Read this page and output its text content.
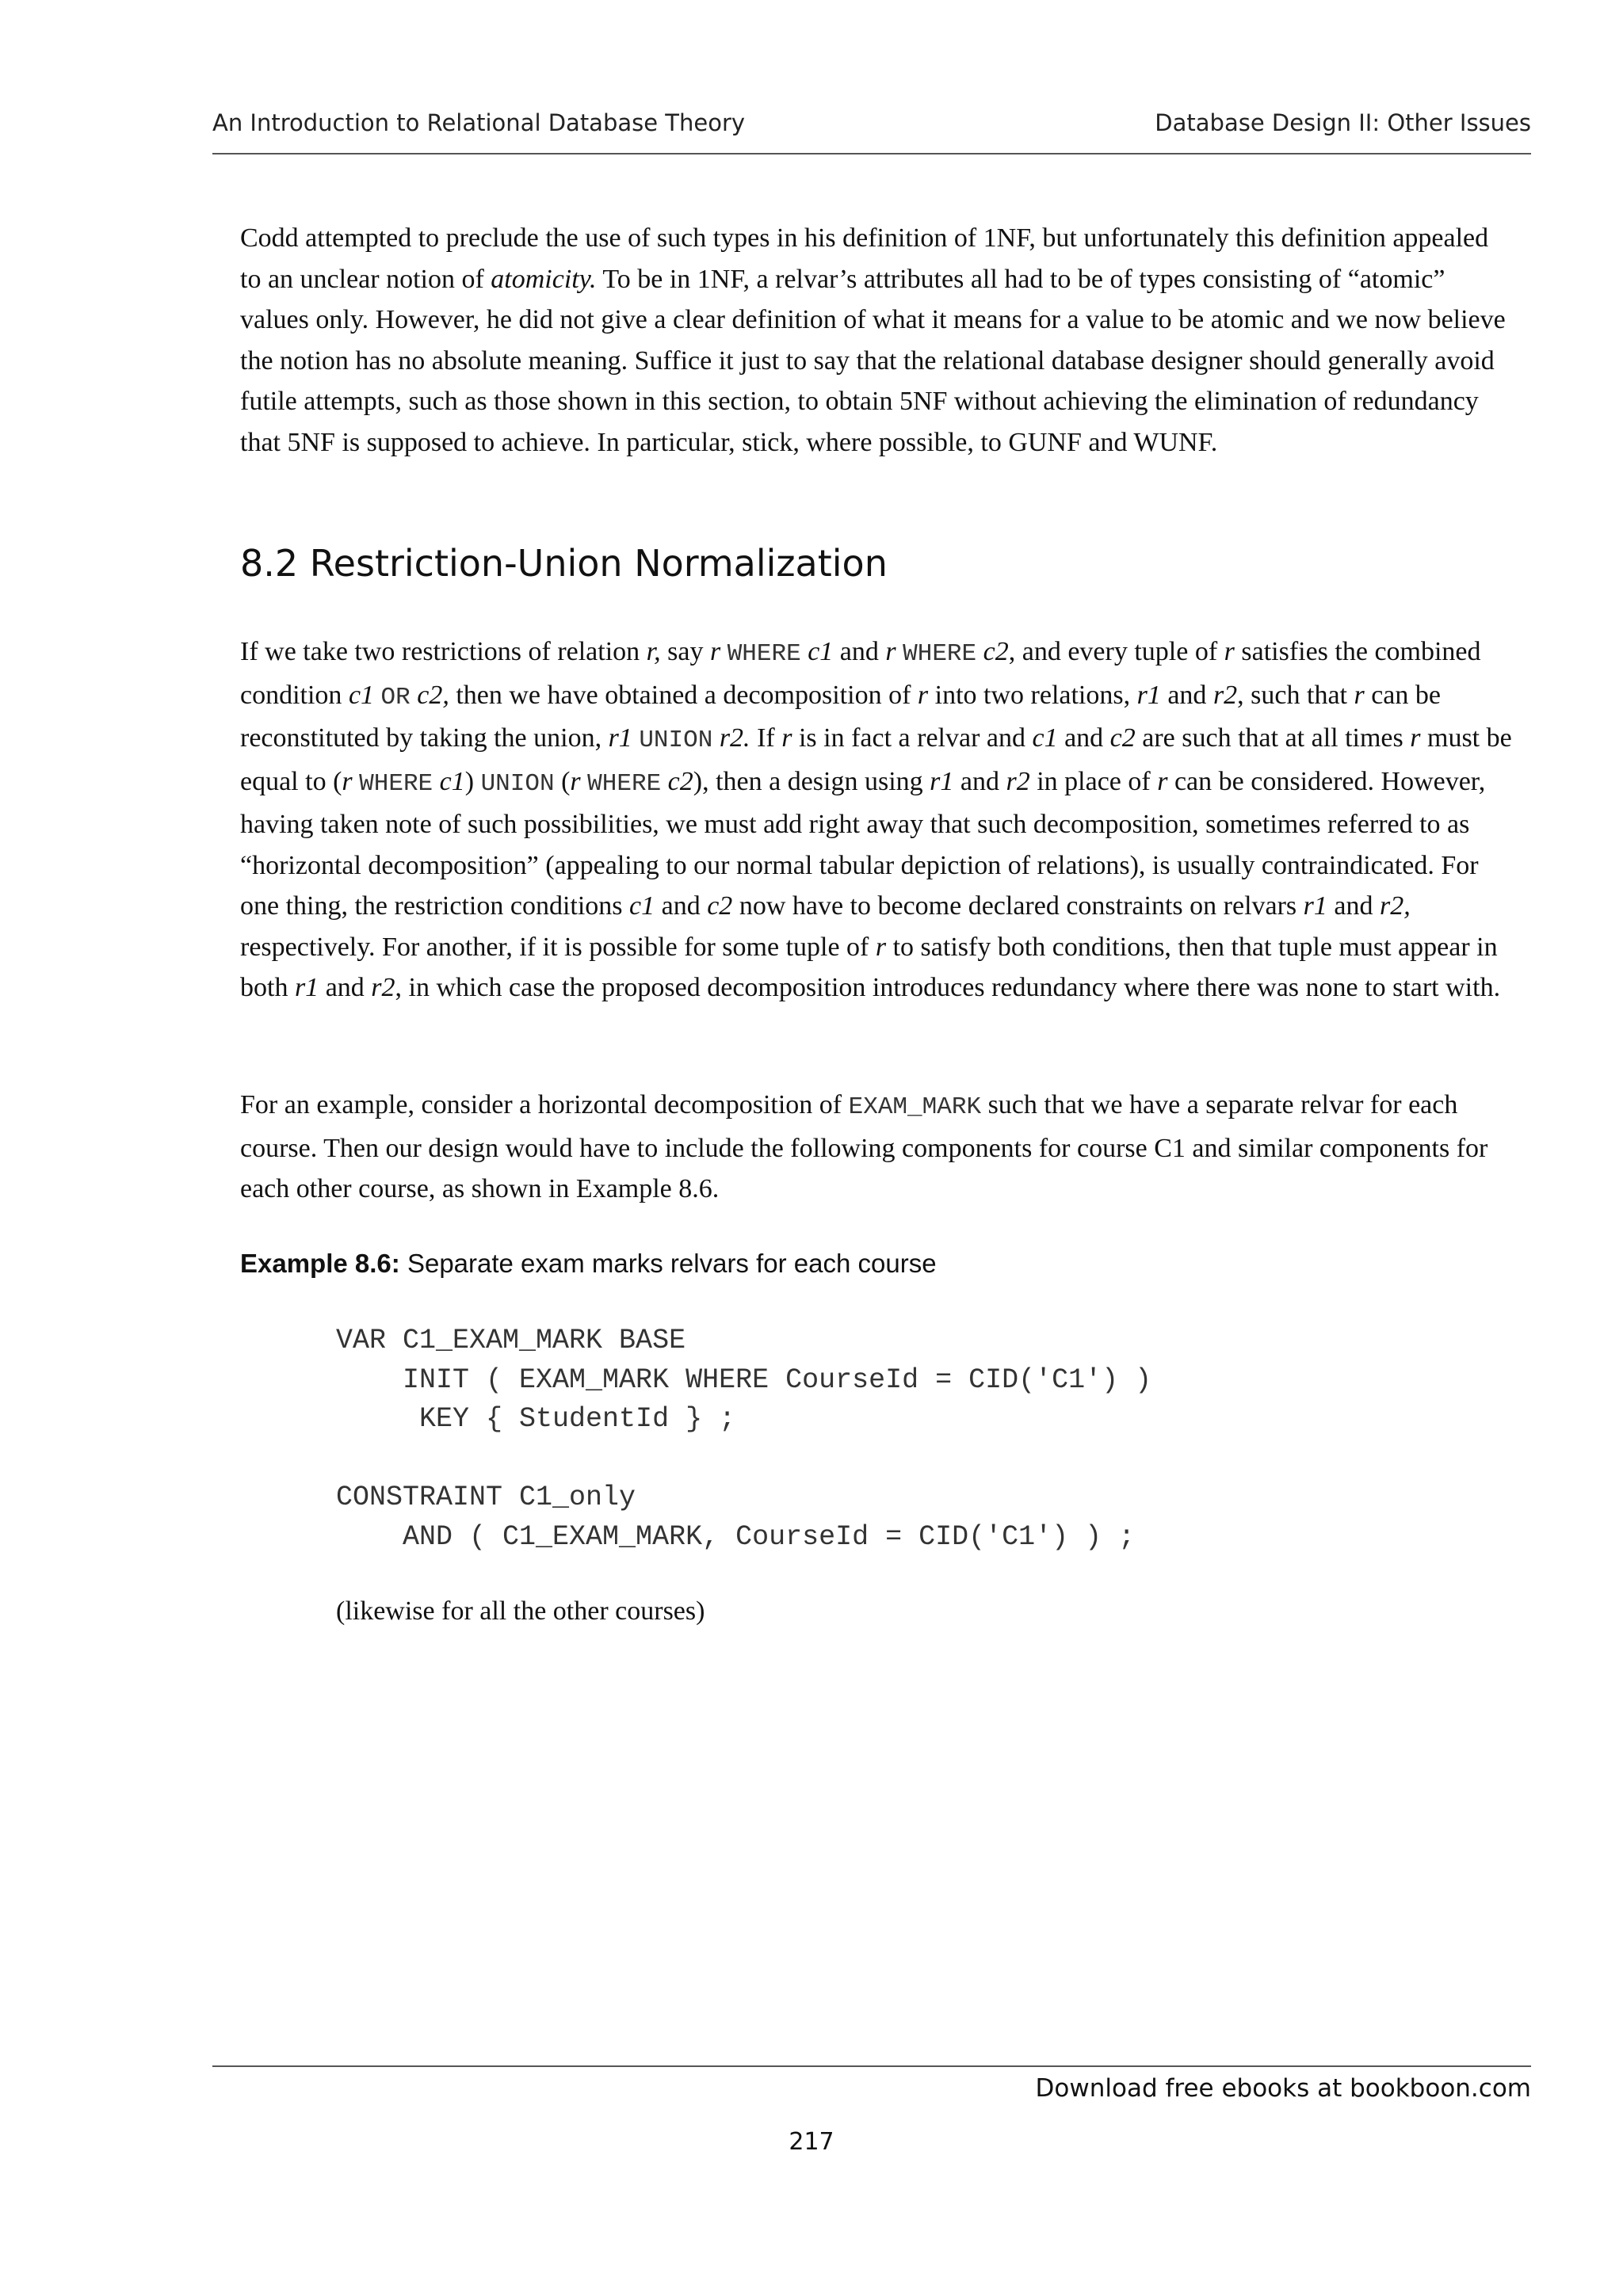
An Introduction to Relational Database Theory	Database Design II: Other Issues

Codd attempted to preclude the use of such types in his definition of 1NF, but unfortunately this definition appealed to an unclear notion of atomicity. To be in 1NF, a relvar’s attributes all had to be of types consisting of “atomic” values only. However, he did not give a clear definition of what it means for a value to be atomic and we now believe the notion has no absolute meaning. Suffice it just to say that the relational database designer should generally avoid futile attempts, such as those shown in this section, to obtain 5NF without achieving the elimination of redundancy that 5NF is supposed to achieve. In particular, stick, where possible, to GUNF and WUNF.

8.2 Restriction-Union Normalization

If we take two restrictions of relation r, say r WHERE c1 and r WHERE c2, and every tuple of r satisfies the combined condition c1 OR c2, then we have obtained a decomposition of r into two relations, r1 and r2, such that r can be reconstituted by taking the union, r1 UNION r2. If r is in fact a relvar and c1 and c2 are such that at all times r must be equal to (r WHERE c1) UNION (r WHERE c2), then a design using r1 and r2 in place of r can be considered. However, having taken note of such possibilities, we must add right away that such decomposition, sometimes referred to as “horizontal decomposition” (appealing to our normal tabular depiction of relations), is usually contraindicated. For one thing, the restriction conditions c1 and c2 now have to become declared constraints on relvars r1 and r2, respectively. For another, if it is possible for some tuple of r to satisfy both conditions, then that tuple must appear in both r1 and r2, in which case the proposed decomposition introduces redundancy where there was none to start with.

For an example, consider a horizontal decomposition of EXAM_MARK such that we have a separate relvar for each course. Then our design would have to include the following components for course C1 and similar components for each other course, as shown in Example 8.6.

Example 8.6: Separate exam marks relvars for each course
VAR C1_EXAM_MARK BASE
INIT ( EXAM_MARK WHERE CourseId = CID('C1') )
KEY { StudentId } ;

CONSTRAINT C1_only
AND ( C1_EXAM_MARK, CourseId = CID('C1') ) ;
(likewise for all the other courses)
Download free ebooks at bookboon.com
217
